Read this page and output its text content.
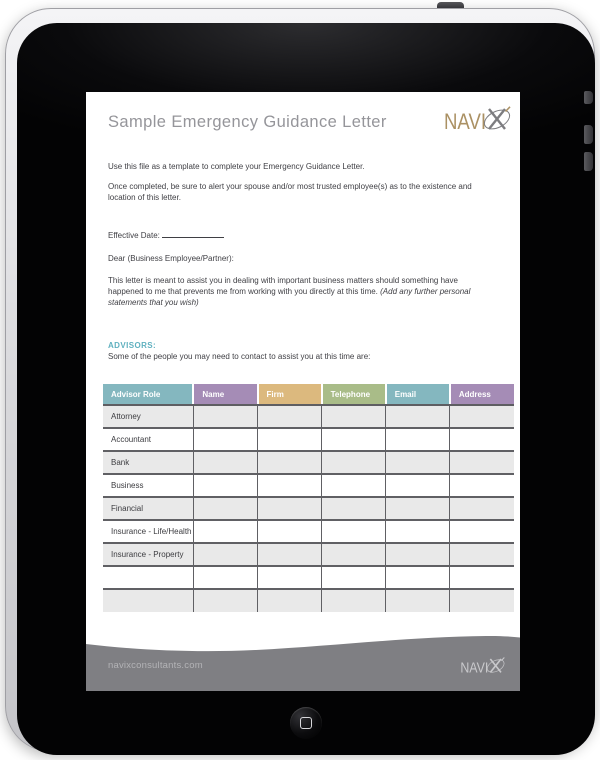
Sample Emergency Guidance Letter	NAVI

Use this file as a template to complete your Emergency Guidance Letter.

Once completed, be sure to alert your spouse and/or most trusted employee(s) as to the existence and location of this letter.

Effective Date:

Dear (Business Employee/Partner):

This letter is meant to assist you in dealing with important business matters should something have happened to me that prevents me from working with you directly at this time. (Add any further personal statements that you wish)

ADVISORS:

Some of the people you may need to contact to assist you at this time are:

Advisor Role	Name	Firm	Telephone	Email	Address
Attorney					
Accountant					
Bank					
Business					
Financial					
Insurance - Life/Health					
Insurance - Property					

navixconsultants.com	NAVI
